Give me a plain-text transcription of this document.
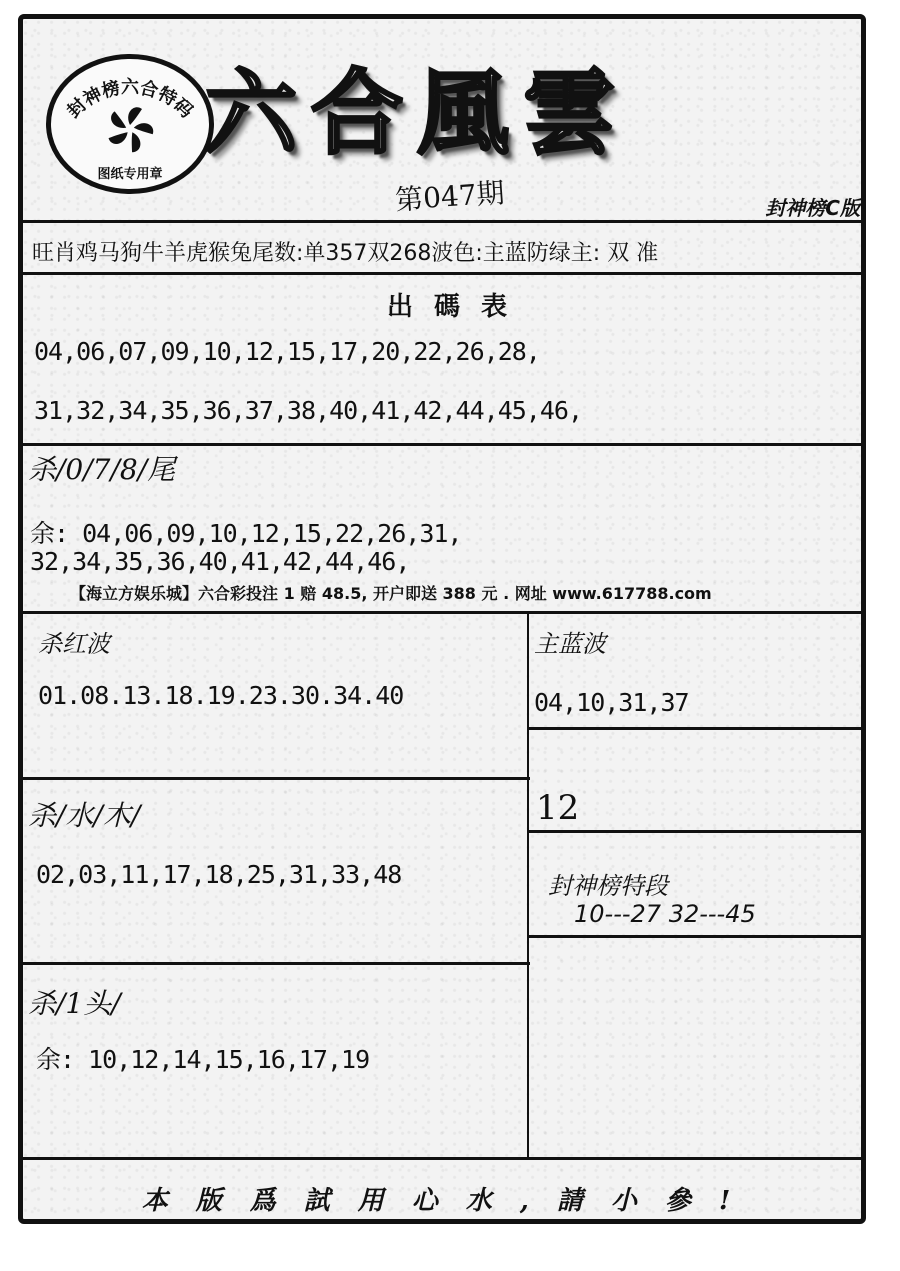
封神榜六合特码
图纸专用章
六合風雲
第047期	封神榜C版
旺肖鸡马狗牛羊虎猴兔尾数:单357双268波色:主蓝防绿主: 双 准
出 碼 表
04,06,07,09,10,12,15,17,20,22,26,28,
31,32,34,35,36,37,38,40,41,42,44,45,46,
杀/0/7/8/尾
余: 04,06,09,10,12,15,22,26,31,
32,34,35,36,40,41,42,44,46,
【海立方娱乐城】六合彩投注 1 赔 48.5, 开户即送 388 元 . 网址 www.617788.com
杀红波
01.08.13.18.19.23.30.34.40
主蓝波
04,10,31,37
杀/水/木/
02,03,11,17,18,25,31,33,48
12
封神榜特段
10---27 32---45
杀/1头/
余: 10,12,14,15,16,17,19
本版爲試用心水,請小參!
